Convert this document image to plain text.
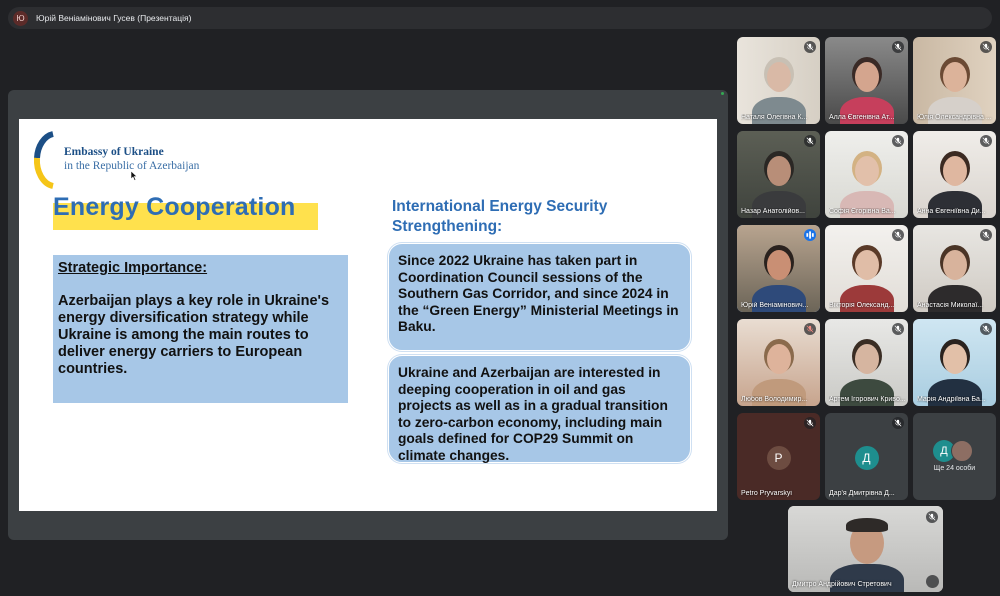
Ю	Юрій Веніамінович Гусев (Презентація)
Embassy of Ukraine
in the Republic of Azerbaijan
Energy Cooperation
Strategic Importance:
Azerbaijan plays a key role in Ukraine's energy diversification strategy while Ukraine is among the main routes to deliver energy carriers to European countries.
International Energy Security Strengthening:
Since 2022 Ukraine has taken part in Coordination Council sessions of the Southern Gas Corridor, and since 2024 in the “Green Energy” Ministerial Meetings in Baku.
Ukraine and Azerbaijan are interested in deeping cooperation in oil and gas projects as well as in a gradual transition to zero-carbon economy, including main goals defined for COP29 Summit on climate changes.
Наталя Олегівна К...	Алла Євгенівна Ат...	Юлія Олександрівна ...
Назар Анатолійов...	Софія Єгорівна Ва...	Анна Євгеніївна Ди...
Юрій Веніамінович...	Вікторія Олександ...	Анастасія Миколаї...
Любов Володимир...	Артем Ігорович Криво... Марія Андріївна Ба...
P
Petro Pryvarskyi
Д
Дар'я Дмитрівна Д...
Д
Ще 24 особи
Дмитро Андрійович Стретович
